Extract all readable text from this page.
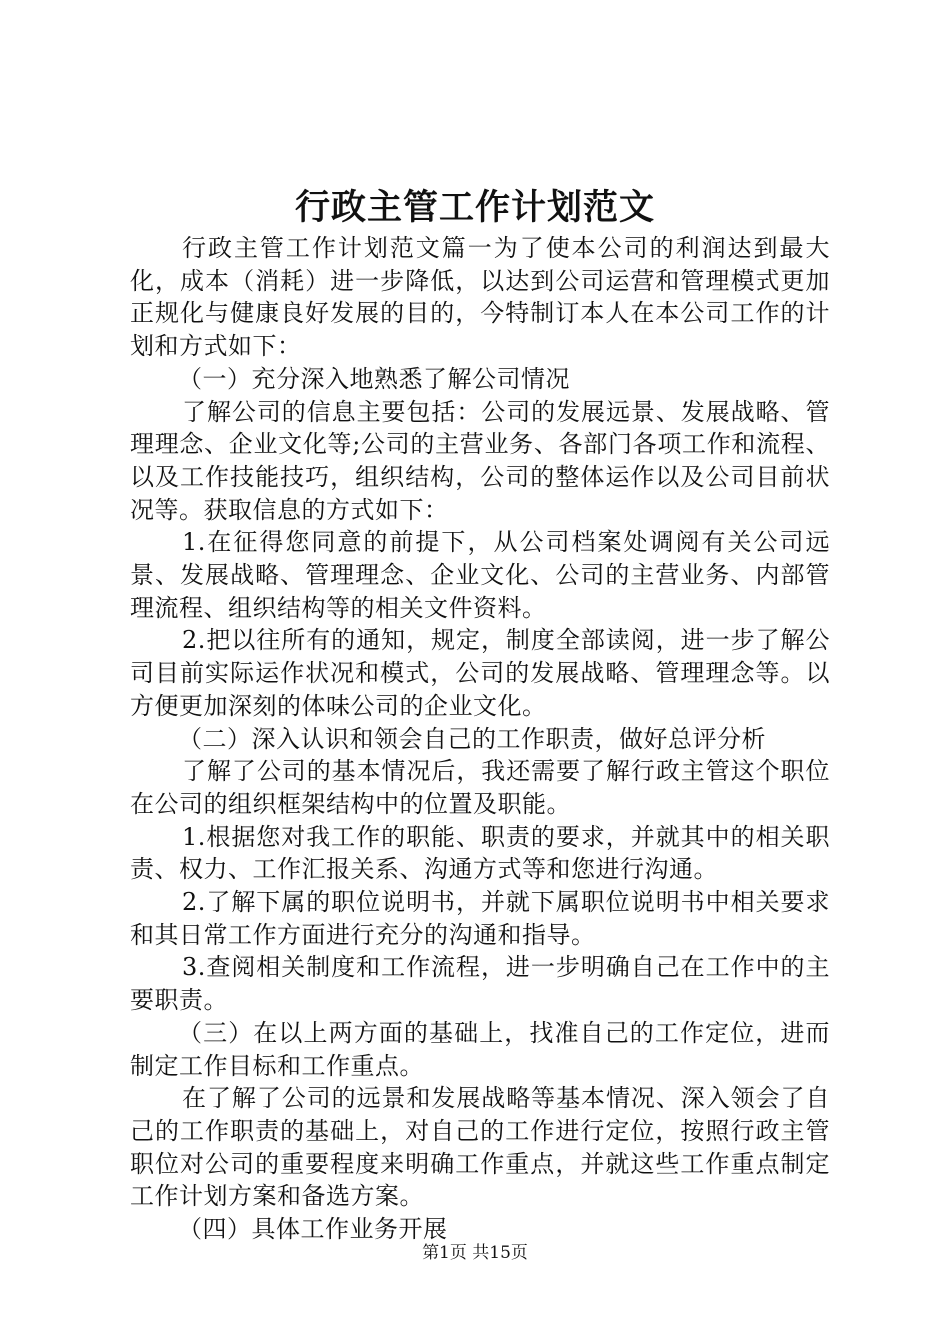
行政主管工作计划范文

行政主管工作计划范文篇一为了使本公司的利润达到最大化，成本（消耗）进一步降低，以达到公司运营和管理模式更加正规化与健康良好发展的目的，今特制订本人在本公司工作的计划和方式如下：

（一）充分深入地熟悉了解公司情况

了解公司的信息主要包括：公司的发展远景、发展战略、管理理念、企业文化等;公司的主营业务、各部门各项工作和流程、以及工作技能技巧，组织结构，公司的整体运作以及公司目前状况等。获取信息的方式如下：

1.在征得您同意的前提下，从公司档案处调阅有关公司远景、发展战略、管理理念、企业文化、公司的主营业务、内部管理流程、组织结构等的相关文件资料。

2.把以往所有的通知，规定，制度全部读阅，进一步了解公司目前实际运作状况和模式，公司的发展战略、管理理念等。以方便更加深刻的体味公司的企业文化。

（二）深入认识和领会自己的工作职责，做好总评分析

了解了公司的基本情况后，我还需要了解行政主管这个职位在公司的组织框架结构中的位置及职能。

1.根据您对我工作的职能、职责的要求，并就其中的相关职责、权力、工作汇报关系、沟通方式等和您进行沟通。

2.了解下属的职位说明书，并就下属职位说明书中相关要求和其日常工作方面进行充分的沟通和指导。

3.查阅相关制度和工作流程，进一步明确自己在工作中的主要职责。

（三）在以上两方面的基础上，找准自己的工作定位，进而制定工作目标和工作重点。

在了解了公司的远景和发展战略等基本情况、深入领会了自己的工作职责的基础上，对自己的工作进行定位，按照行政主管职位对公司的重要程度来明确工作重点，并就这些工作重点制定工作计划方案和备选方案。

（四）具体工作业务开展

第1页 共15页
